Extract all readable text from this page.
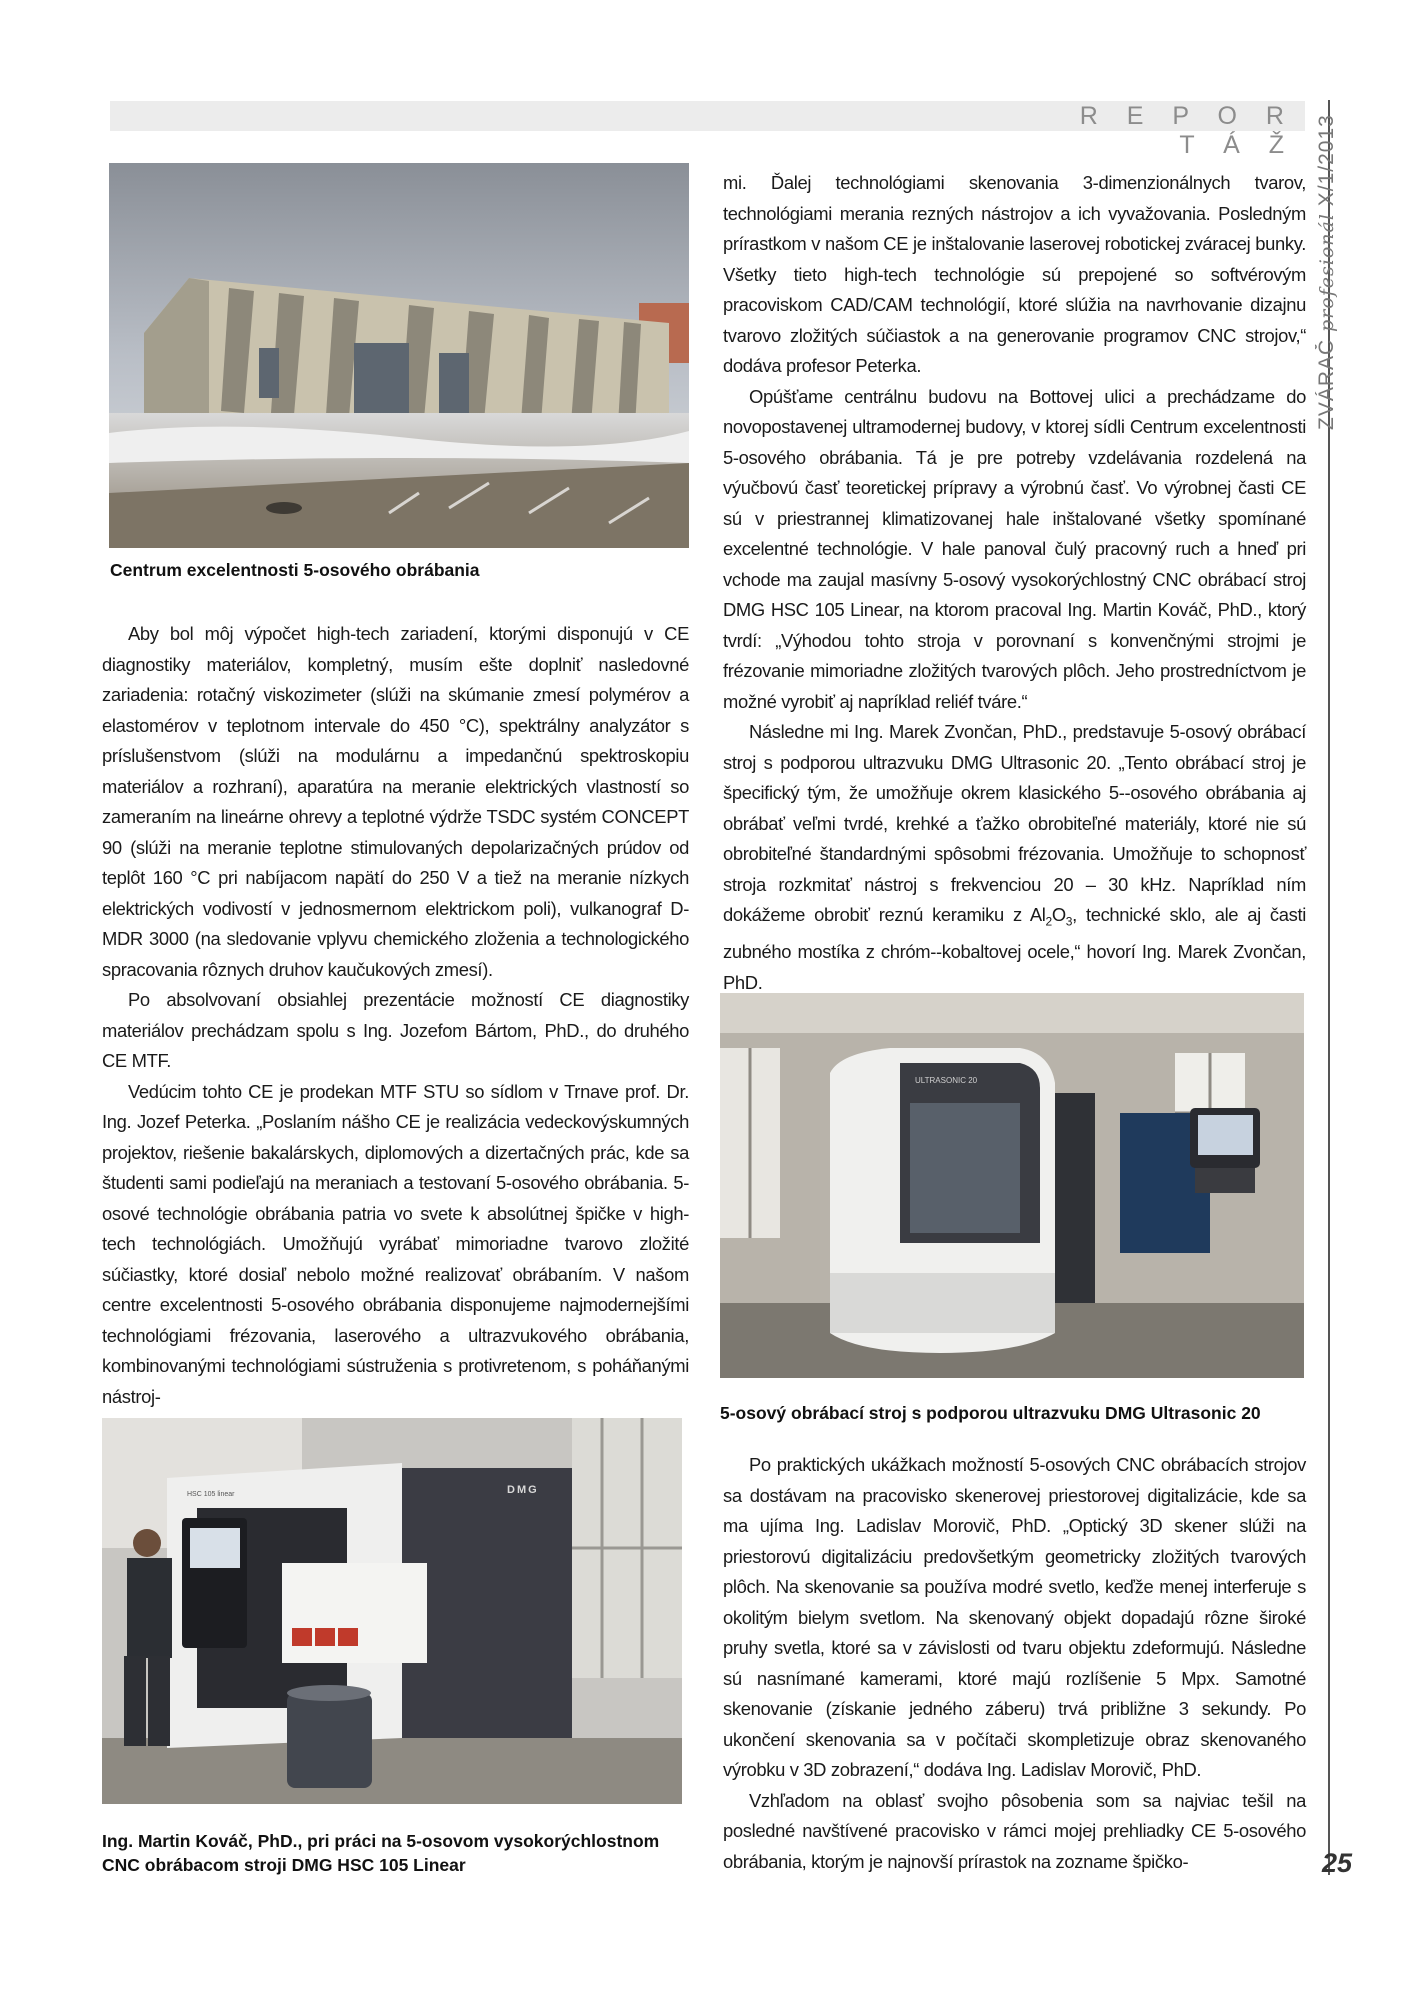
R E P O R T Á Ž
ZVÁRAČ profesionál X/1/2013
Centrum excelentnosti 5-osového obrábania

Aby bol môj výpočet high-tech zariadení, ktorými disponujú v CE diagnostiky materiálov, kompletný, musím ešte doplniť nasledovné zariadenia: rotačný viskozimeter (slúži na skúmanie zmesí polymérov a elastomérov v teplotnom intervale do 450 °C), spektrálny analyzátor s príslušenstvom (slúži na modulárnu a impedančnú spektroskopiu materiálov a rozhraní), aparatúra na meranie elektrických vlastností so zameraním na lineárne ohrevy a teplotné výdrže TSDC systém CONCEPT 90 (slúži na meranie teplotne stimulovaných depolarizačných prúdov od teplôt 160 °C pri nabíjacom napätí do 250 V a tiež na meranie nízkych elektrických vodivostí v jednosmernom elektrickom poli), vulkanograf D-MDR 3000 (na sledovanie vplyvu chemického zloženia a technologického spracovania rôznych druhov kaučukových zmesí).

Po absolvovaní obsiahlej prezentácie možností CE diagnostiky materiálov prechádzam spolu s Ing. Jozefom Bártom, PhD., do druhého CE MTF.

Vedúcim tohto CE je prodekan MTF STU so sídlom v Trnave prof. Dr. Ing. Jozef Peterka. „Poslaním nášho CE je realizácia vedeckovýskumných projektov, riešenie bakalárskych, diplomových a dizertačných prác, kde sa študenti sami podieľajú na meraniach a testovaní 5-osového obrábania. 5-osové technológie obrábania patria vo svete k absolútnej špičke v high-tech technológiách. Umožňujú vyrábať mimoriadne tvarovo zložité súčiastky, ktoré dosiaľ nebolo možné realizovať obrábaním. V našom centre excelentnosti 5-osového obrábania disponujeme najmodernejšími technológiami frézovania, laserového a ultrazvukového obrábania, kombinovanými technológiami sústruženia s protivretenom, s poháňanými nástroj-

DMG
HSC 105 linear
Ing. Martin Kováč, PhD., pri práci na 5-osovom vysokorýchlostnom
CNC obrábacom stroji DMG HSC 105 Linear

mi. Ďalej technológiami skenovania 3-dimenzionálnych tvarov, technológiami merania rezných nástrojov a ich vyvažovania. Posledným prírastkom v našom CE je inštalovanie laserovej robotickej zváracej bunky. Všetky tieto high-tech technológie sú prepojené so softvérovým pracoviskom CAD/CAM technológií, ktoré slúžia na navrhovanie dizajnu tvarovo zložitých súčiastok a na generovanie programov CNC strojov,“ dodáva profesor Peterka.

Opúšťame centrálnu budovu na Bottovej ulici a prechádzame do novopostavenej ultramodernej budovy, v ktorej sídli Centrum excelentnosti 5-osového obrábania. Tá je pre potreby vzdelávania rozdelená na výučbovú časť teoretickej prípravy a výrobnú časť. Vo výrobnej časti CE sú v priestrannej klimatizovanej hale inštalované všetky spomínané excelentné technológie. V hale panoval čulý pracovný ruch a hneď pri vchode ma zaujal masívny 5-osový vysokorýchlostný CNC obrábací stroj DMG HSC 105 Linear, na ktorom pracoval Ing. Martin Kováč, PhD., ktorý tvrdí: „Výhodou tohto stroja v porovnaní s konvenčnými strojmi je frézovanie mimoriadne zložitých tvarových plôch. Jeho prostredníctvom je možné vyrobiť aj napríklad reliéf tváre.“

Následne mi Ing. Marek Zvončan, PhD., predstavuje 5-osový obrábací stroj s podporou ultrazvuku DMG Ultrasonic 20. „Tento obrábací stroj je špecifický tým, že umožňuje okrem klasického 5--osového obrábania aj obrábať veľmi tvrdé, krehké a ťažko obrobiteľné materiály, ktoré nie sú obrobiteľné štandardnými spôsobmi frézovania. Umožňuje to schopnosť stroja rozkmitať nástroj s frekvenciou 20 – 30 kHz. Napríklad ním dokážeme obrobiť reznú keramiku z $Al_2O_3$, technické sklo, ale aj časti zubného mostíka z chróm--kobaltovej ocele,“ hovorí Ing. Marek Zvončan, PhD.

ULTRASONIC 20
5-osový obrábací stroj s podporou ultrazvuku DMG Ultrasonic 20

Po praktických ukážkach možností 5-osových CNC obrábacích strojov sa dostávam na pracovisko skenerovej priestorovej digitalizácie, kde sa ma ujíma Ing. Ladislav Morovič, PhD. „Optický 3D skener slúži na priestorovú digitalizáciu predovšetkým geometricky zložitých tvarových plôch. Na skenovanie sa používa modré svetlo, keďže menej interferuje s okolitým bielym svetlom. Na skenovaný objekt dopadajú rôzne široké pruhy svetla, ktoré sa v závislosti od tvaru objektu zdeformujú. Následne sú nasnímané kamerami, ktoré majú rozlíšenie 5 Mpx. Samotné skenovanie (získanie jedného záberu) trvá približne 3 sekundy. Po ukončení skenovania sa v počítači skompletizuje obraz skenovaného výrobku v 3D zobrazení,“ dodáva Ing. Ladislav Morovič, PhD.

Vzhľadom na oblasť svojho pôsobenia som sa najviac tešil na posledné navštívené pracovisko v rámci mojej prehliadky CE 5-osového obrábania, ktorým je najnovší prírastok na zozname špičko-	25
